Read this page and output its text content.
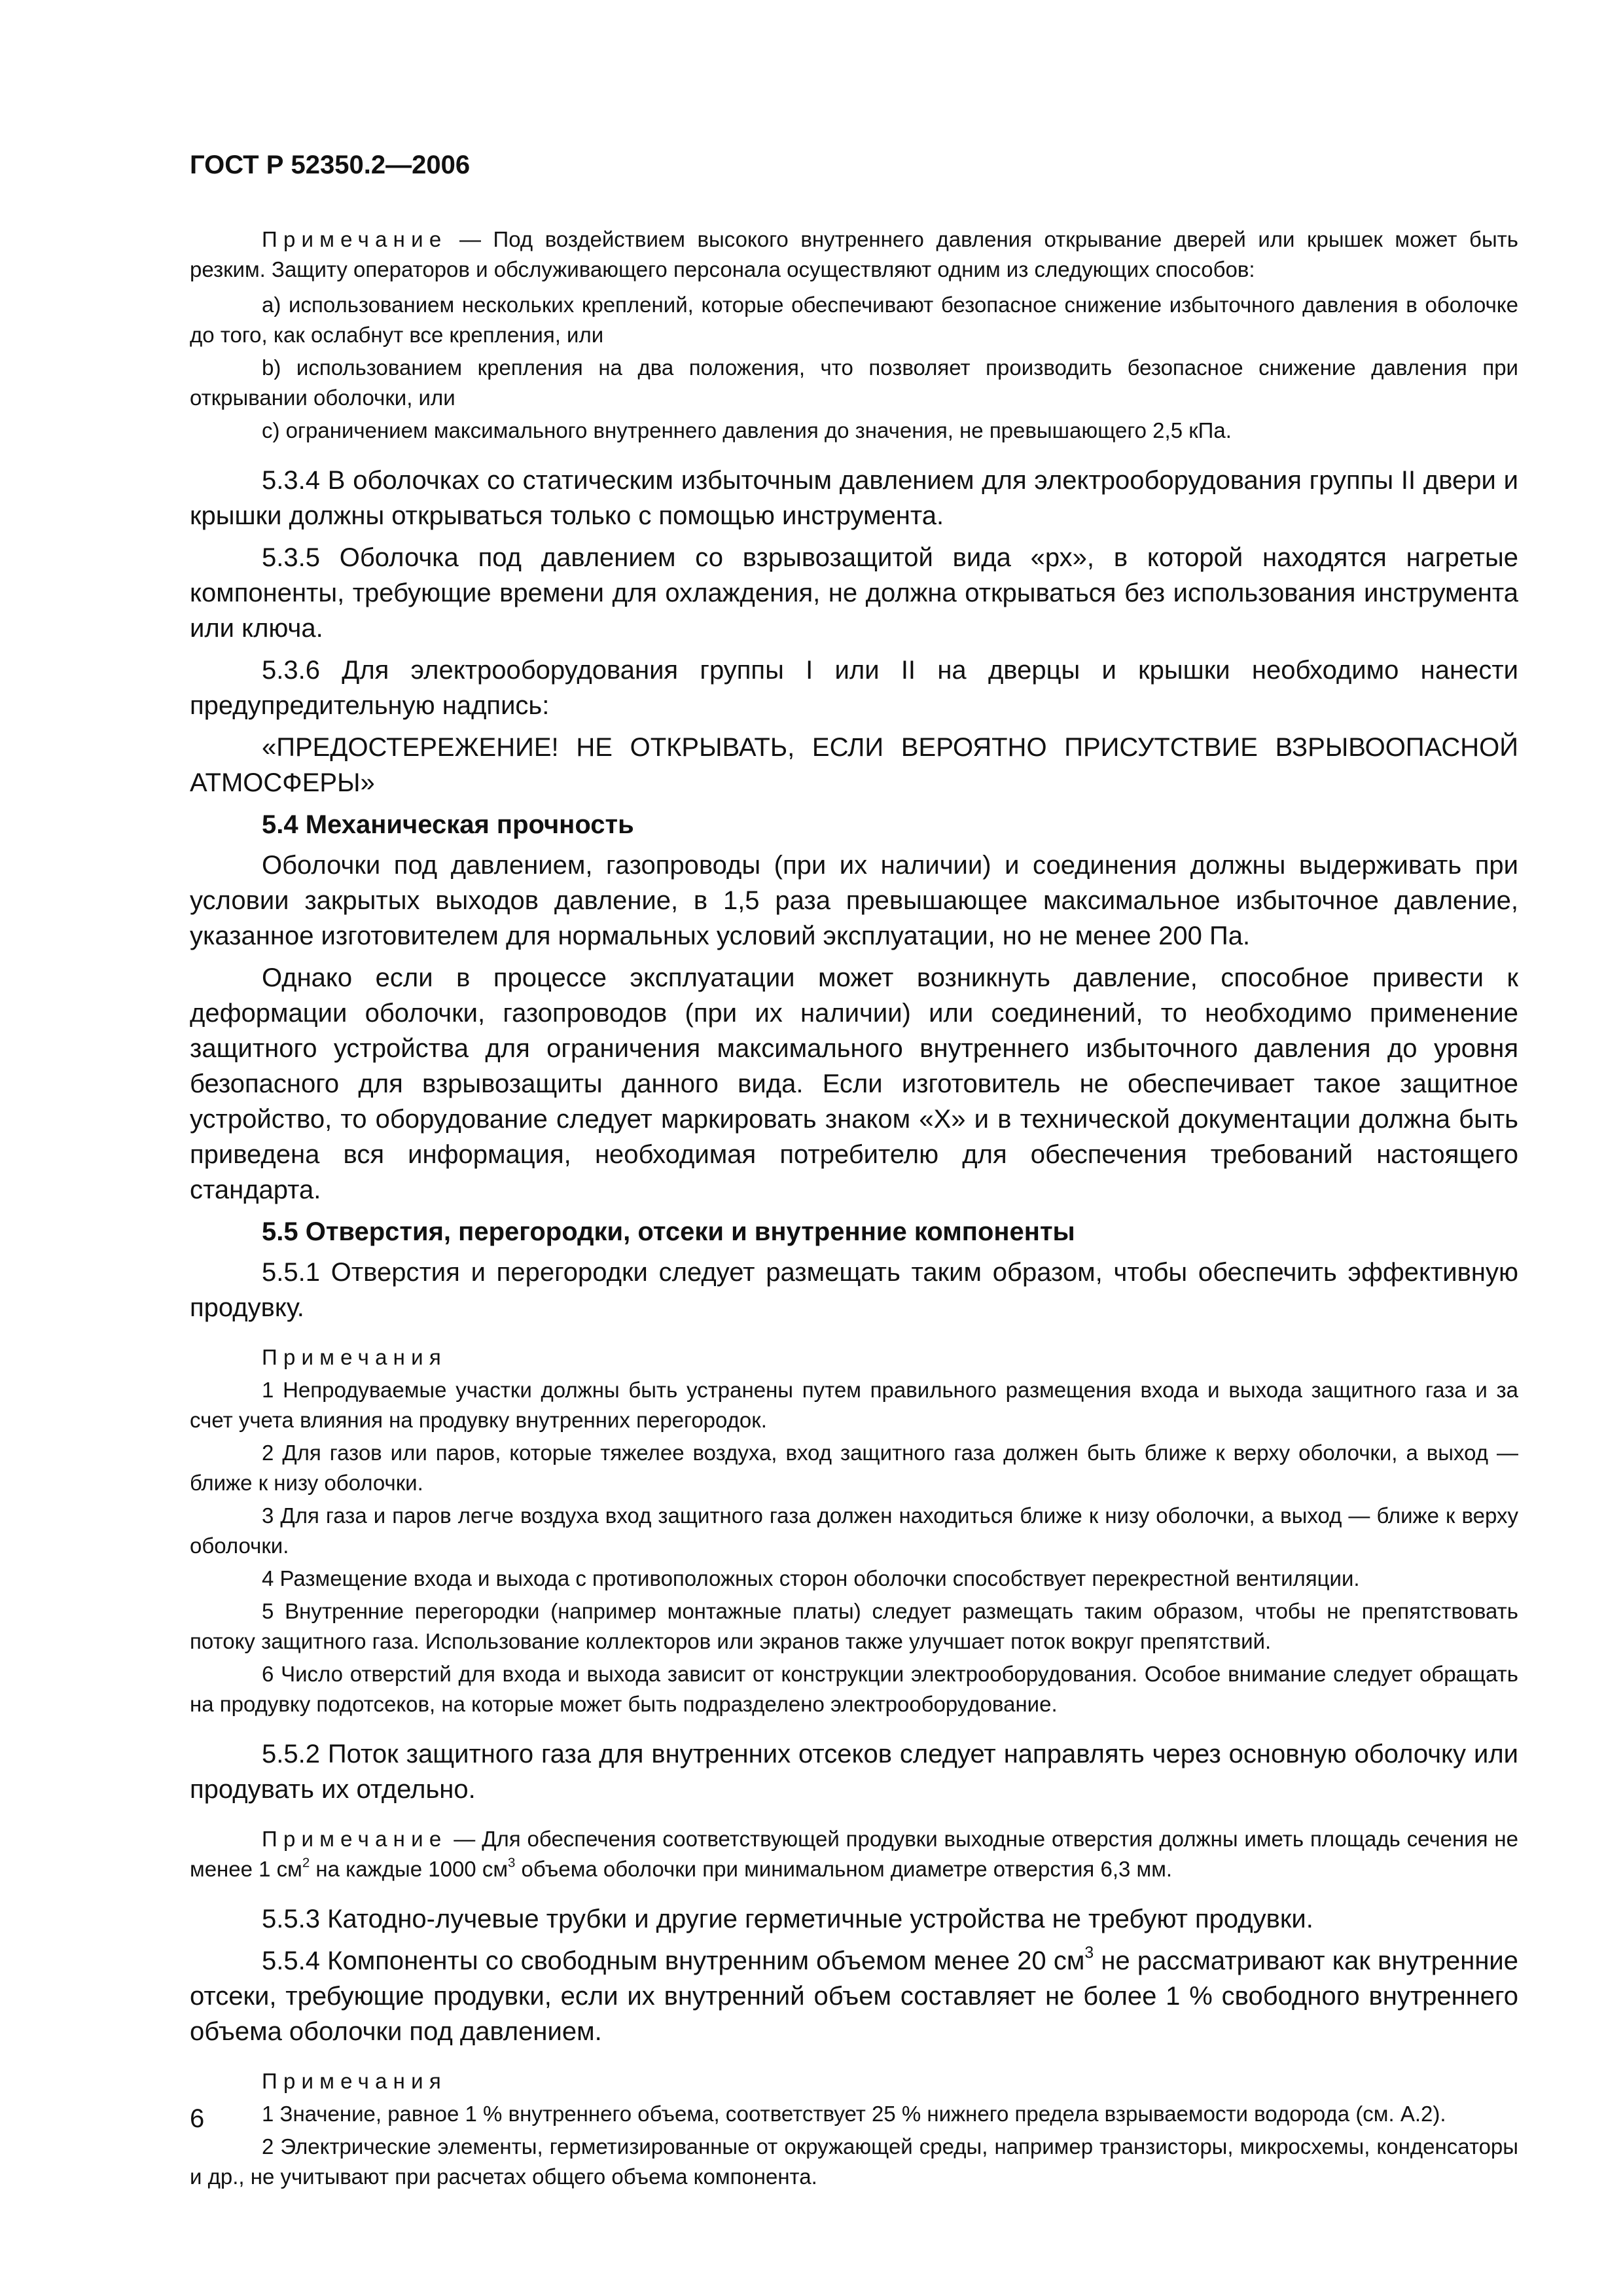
ГОСТ Р 52350.2—2006

Примечание — Под воздействием высокого внутреннего давления открывание дверей или крышек может быть резким. Защиту операторов и обслуживающего персонала осуществляют одним из следующих способов:

а) использованием нескольких креплений, которые обеспечивают безопасное снижение избыточного давления в оболочке до того, как ослабнут все крепления, или

b) использованием крепления на два положения, что позволяет производить безопасное снижение давления при открывании оболочки, или

с) ограничением максимального внутреннего давления до значения, не превышающего 2,5 кПа.

5.3.4 В оболочках со статическим избыточным давлением для электрооборудования группы II двери и крышки должны открываться только с помощью инструмента.

5.3.5 Оболочка под давлением со взрывозащитой вида «рх», в которой находятся нагретые компоненты, требующие времени для охлаждения, не должна открываться без использования инструмента или ключа.

5.3.6 Для электрооборудования группы I или II на дверцы и крышки необходимо нанести предупредительную надпись:

«ПРЕДОСТЕРЕЖЕНИЕ! НЕ ОТКРЫВАТЬ, ЕСЛИ ВЕРОЯТНО ПРИСУТСТВИЕ ВЗРЫВООПАСНОЙ АТМОСФЕРЫ»

5.4 Механическая прочность

Оболочки под давлением, газопроводы (при их наличии) и соединения должны выдерживать при условии закрытых выходов давление, в 1,5 раза превышающее максимальное избыточное давление, указанное изготовителем для нормальных условий эксплуатации, но не менее 200 Па.

Однако если в процессе эксплуатации может возникнуть давление, способное привести к деформации оболочки, газопроводов (при их наличии) или соединений, то необходимо применение защитного устройства для ограничения максимального внутреннего избыточного давления до уровня безопасного для взрывозащиты данного вида. Если изготовитель не обеспечивает такое защитное устройство, то оборудование следует маркировать знаком «Х» и в технической документации должна быть приведена вся информация, необходимая потребителю для обеспечения требований настоящего стандарта.

5.5 Отверстия, перегородки, отсеки и внутренние компоненты

5.5.1 Отверстия и перегородки следует размещать таким образом, чтобы обеспечить эффективную продувку.

Примечания

1 Непродуваемые участки должны быть устранены путем правильного размещения входа и выхода защитного газа и за счет учета влияния на продувку внутренних перегородок.

2 Для газов или паров, которые тяжелее воздуха, вход защитного газа должен быть ближе к верху оболочки, а выход — ближе к низу оболочки.

3 Для газа и паров легче воздуха вход защитного газа должен находиться ближе к низу оболочки, а выход — ближе к верху оболочки.

4 Размещение входа и выхода с противоположных сторон оболочки способствует перекрестной вентиляции.

5 Внутренние перегородки (например монтажные платы) следует размещать таким образом, чтобы не препятствовать потоку защитного газа. Использование коллекторов или экранов также улучшает поток вокруг препятствий.

6 Число отверстий для входа и выхода зависит от конструкции электрооборудования. Особое внимание следует обращать на продувку подотсеков, на которые может быть подразделено электрооборудование.

5.5.2 Поток защитного газа для внутренних отсеков следует направлять через основную оболочку или продувать их отдельно.

Примечание — Для обеспечения соответствующей продувки выходные отверстия должны иметь площадь сечения не менее 1 $см^2$ на каждые 1000 $см^3$ объема оболочки при минимальном диаметре отверстия 6,3 мм.

5.5.3 Катодно-лучевые трубки и другие герметичные устройства не требуют продувки.

5.5.4 Компоненты со свободным внутренним объемом менее 20 $см^3$ не рассматривают как внутренние отсеки, требующие продувки, если их внутренний объем составляет не более 1 % свободного внутреннего объема оболочки под давлением.

Примечания

1 Значение, равное 1 % внутреннего объема, соответствует 25 % нижнего предела взрываемости водорода (см. А.2).

2 Электрические элементы, герметизированные от окружающей среды, например транзисторы, микросхемы, конденсаторы и др., не учитывают при расчетах общего объема компонента.

6
